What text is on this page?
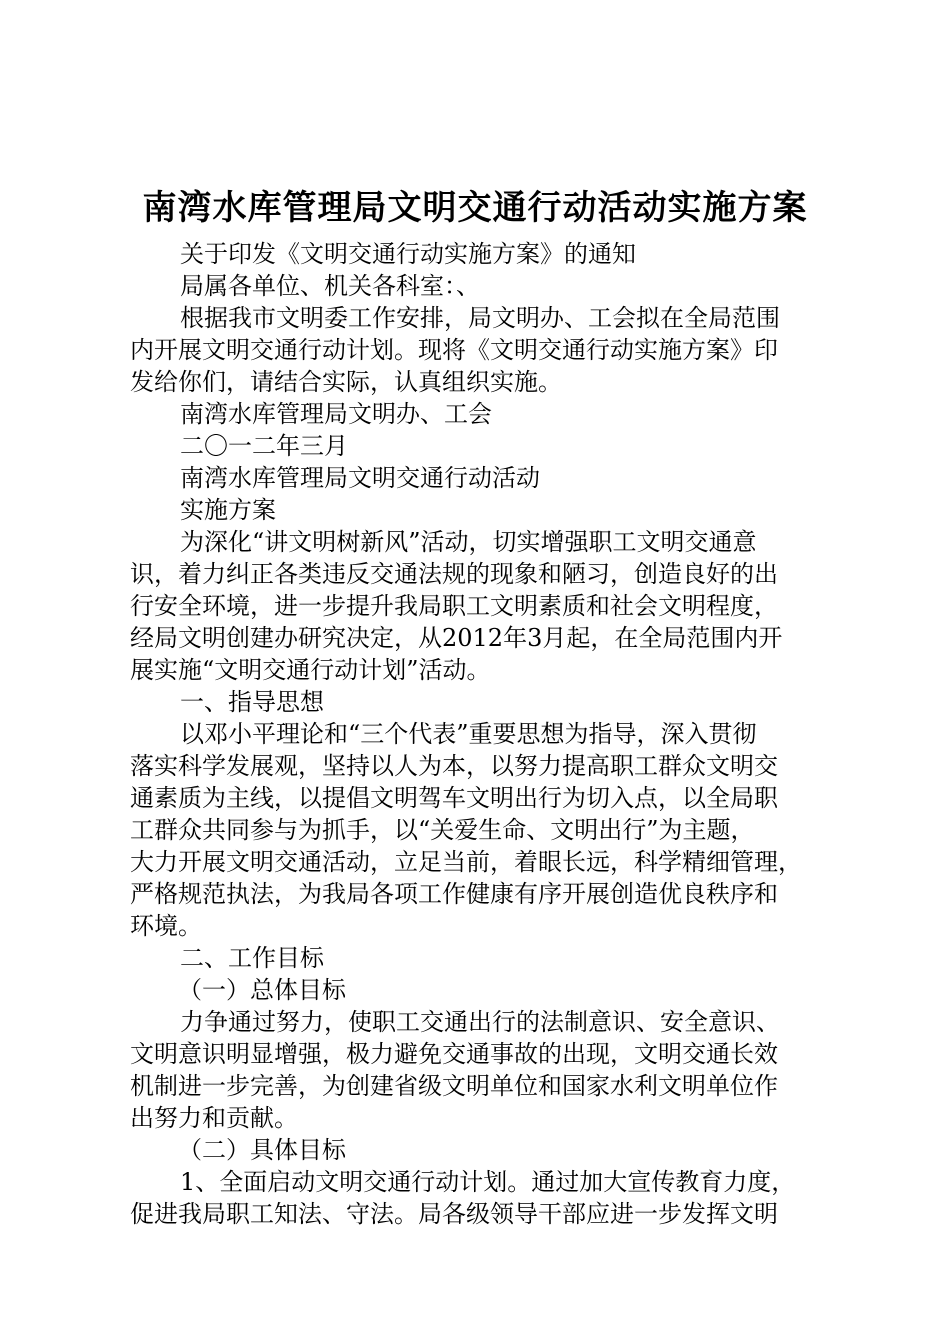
南湾水库管理局文明交通行动活动实施方案
关于印发《文明交通行动实施方案》的通知
局属各单位、机关各科室：、
根据我市文明委工作安排，局文明办、工会拟在全局范围
内开展文明交通行动计划。现将《文明交通行动实施方案》印
发给你们，请结合实际，认真组织实施。
南湾水库管理局文明办、工会
二〇一二年三月
南湾水库管理局文明交通行动活动
实施方案
为深化“讲文明树新风”活动，切实增强职工文明交通意
识，着力纠正各类违反交通法规的现象和陋习，创造良好的出
行安全环境，进一步提升我局职工文明素质和社会文明程度，
经局文明创建办研究决定，从2012年3月起，在全局范围内开
展实施“文明交通行动计划”活动。
一、指导思想
以邓小平理论和“三个代表”重要思想为指导，深入贯彻
落实科学发展观，坚持以人为本，以努力提高职工群众文明交
通素质为主线，以提倡文明驾车文明出行为切入点，以全局职
工群众共同参与为抓手，以“关爱生命、文明出行”为主题，
大力开展文明交通活动，立足当前，着眼长远，科学精细管理，
严格规范执法，为我局各项工作健康有序开展创造优良秩序和
环境。
二、工作目标
（一）总体目标
力争通过努力，使职工交通出行的法制意识、安全意识、
文明意识明显增强，极力避免交通事故的出现，文明交通长效
机制进一步完善，为创建省级文明单位和国家水利文明单位作
出努力和贡献。
（二）具体目标
1、全面启动文明交通行动计划。通过加大宣传教育力度，
促进我局职工知法、守法。局各级领导干部应进一步发挥文明
